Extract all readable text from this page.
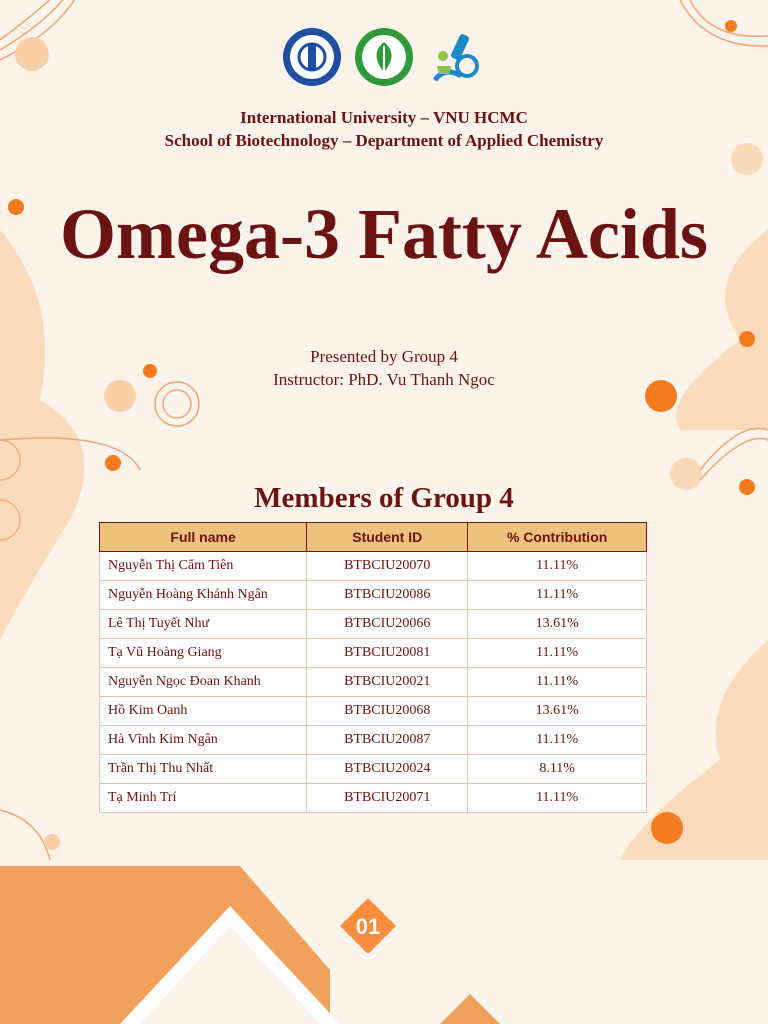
International University – VNU HCMC
School of Biotechnology – Department of Applied Chemistry
Omega-3 Fatty Acids
Presented by Group 4
Instructor: PhD. Vu Thanh Ngoc
Members of Group 4
Full name	Student ID	% Contribution
Nguyễn Thị Cẩm Tiên	BTBCIU20070	11.11%
Nguyễn Hoàng Khánh Ngân	BTBCIU20086	11.11%
Lê Thị Tuyết Như	BTBCIU20066	13.61%
Tạ Vũ Hoàng Giang	BTBCIU20081	11.11%
Nguyễn Ngọc Đoan Khanh	BTBCIU20021	11.11%
Hồ Kim Oanh	BTBCIU20068	13.61%
Hà Vĩnh Kim Ngân	BTBCIU20087	11.11%
Trần Thị Thu Nhất	BTBCIU20024	8.11%
Tạ Minh Trí	BTBCIU20071	11.11%
01
